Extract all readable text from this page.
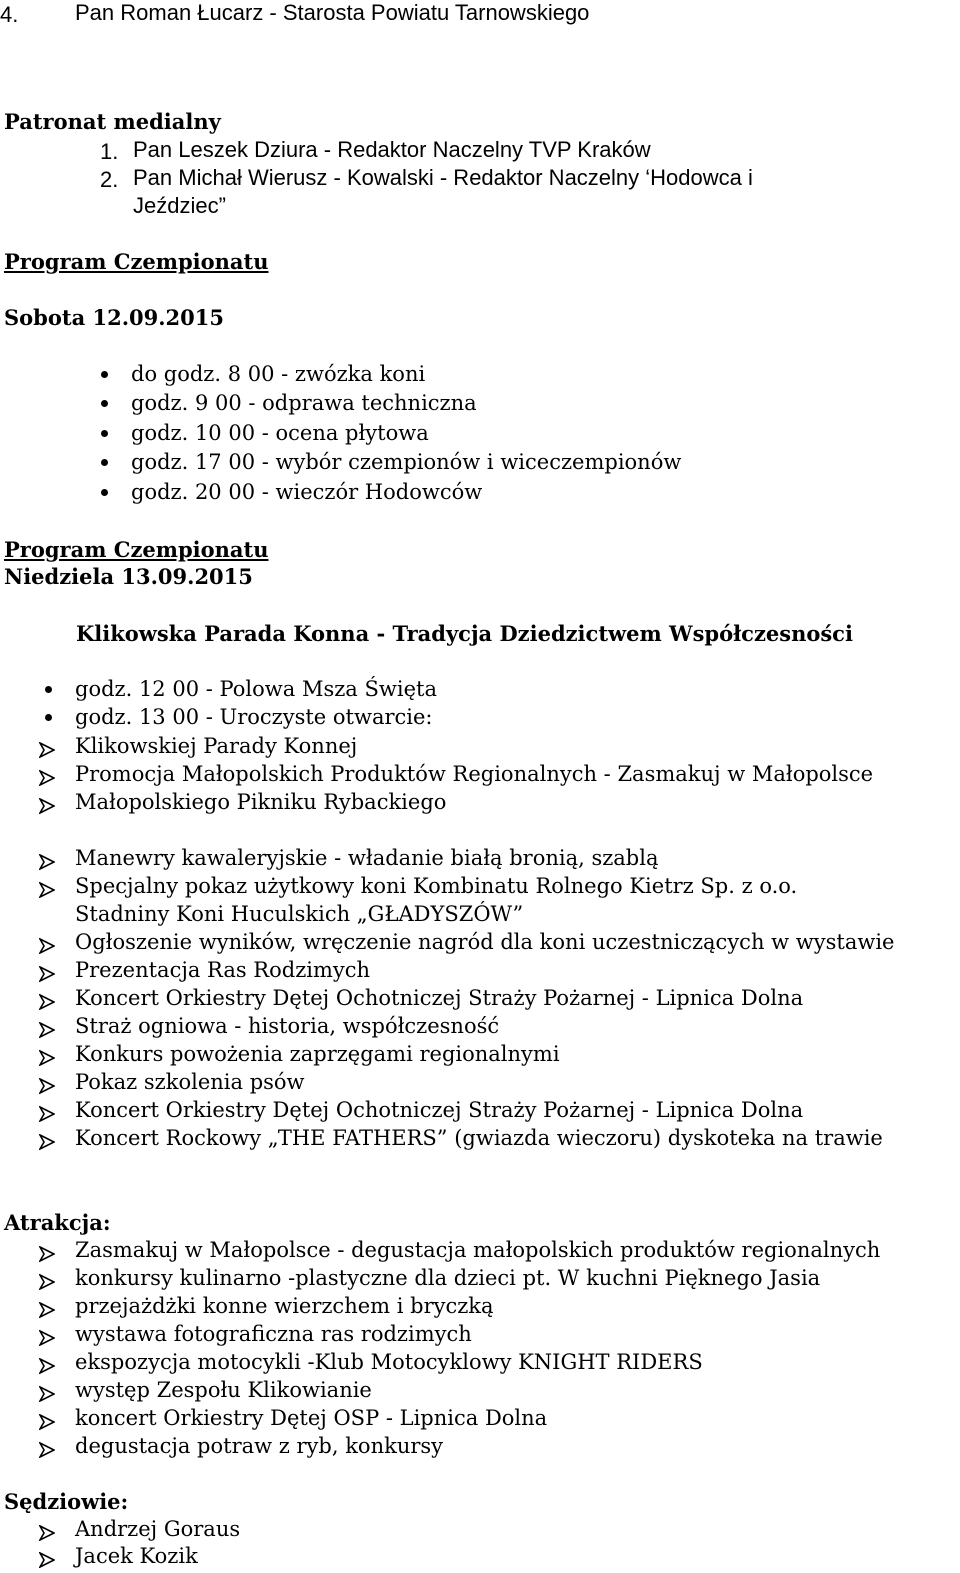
4.	Pan Roman Łucarz - Starosta Powiatu Tarnowskiego
Patronat medialny
1. Pan Leszek Dziura - Redaktor Naczelny TVP Kraków
2. Pan Michał Wierusz - Kowalski - Redaktor Naczelny ‘Hodowca i
Jeździec”
Program Czempionatu
Sobota 12.09.2015
do godz. 8 00 - zwózka koni
godz. 9 00 - odprawa techniczna
godz. 10 00 - ocena płytowa
godz. 17 00 - wybór czempionów i wiceczempionów
godz. 20 00 - wieczór Hodowców
Program Czempionatu
Niedziela 13.09.2015
Klikowska Parada Konna - Tradycja Dziedzictwem Współczesności
godz. 12 00 - Polowa Msza Święta
godz. 13 00 - Uroczyste otwarcie:
Klikowskiej Parady Konnej
Promocja Małopolskich Produktów Regionalnych - Zasmakuj w Małopolsce
Małopolskiego Pikniku Rybackiego
Manewry kawaleryjskie - władanie białą bronią, szablą
Specjalny pokaz użytkowy koni Kombinatu Rolnego Kietrz Sp. z o.o.
Ogłoszenie wyników, wręczenie nagród dla koni uczestniczących w wystawie
Prezentacja Ras Rodzimych
Koncert Orkiestry Dętej Ochotniczej Straży Pożarnej - Lipnica Dolna
Straż ogniowa - historia, współczesność
Konkurs powożenia zaprzęgami regionalnymi
Pokaz szkolenia psów
Koncert Orkiestry Dętej Ochotniczej Straży Pożarnej - Lipnica Dolna
Koncert Rockowy „THE FATHERS” (gwiazda wieczoru) dyskoteka na trawie
Stadniny Koni Huculskich „GŁADYSZÓW”
Atrakcja:
Zasmakuj w Małopolsce - degustacja małopolskich produktów regionalnych
konkursy kulinarno -plastyczne dla dzieci pt. W kuchni Pięknego Jasia
przejażdżki konne wierzchem i bryczką
wystawa fotograficzna ras rodzimych
ekspozycja motocykli -Klub Motocyklowy KNIGHT RIDERS
występ Zespołu Klikowianie
koncert Orkiestry Dętej OSP - Lipnica Dolna
degustacja potraw z ryb, konkursy
Sędziowie:
Andrzej Goraus
Jacek Kozik
